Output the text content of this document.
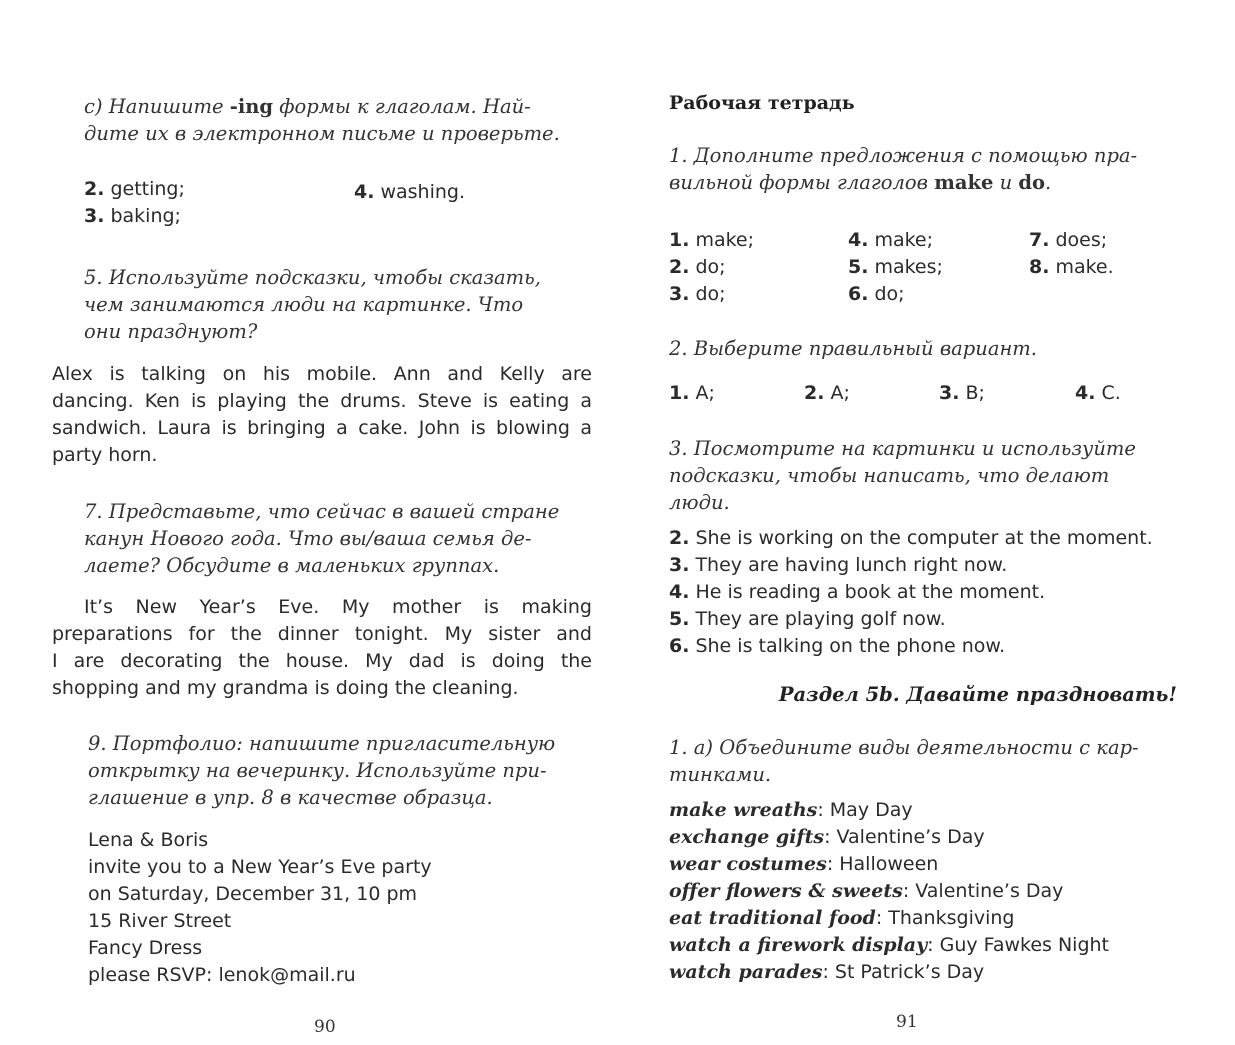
c) Напишите -ing формы к глаголам. Най-
дите их в электронном письме и проверьте.
2. getting;
3. baking;
4. washing.
5. Используйте подсказки, чтобы сказать,
чем занимаются люди на картинке. Что
они празднуют?
Alex is talking on his mobile. Ann and Kelly are
dancing. Ken is playing the drums. Steve is eating a
sandwich. Laura is bringing a cake. John is blowing a
party horn.
7. Представьте, что сейчас в вашей стране
канун Нового года. Что вы/ваша семья де-
лаете? Обсудите в маленьких группах.
It’s New Year’s Eve. My mother is making
preparations for the dinner tonight. My sister and
I are decorating the house. My dad is doing the
shopping and my grandma is doing the cleaning.
9. Портфолио: напишите пригласительную
открытку на вечеринку. Используйте при-
глашение в упр. 8 в качестве образца.
Lena & Boris
invite you to a New Year’s Eve party
on Saturday, December 31, 10 pm
15 River Street
Fancy Dress
please RSVP: lenok@mail.ru
90
Рабочая тетрадь
1. Дополните предложения с помощью пра-
вильной формы глаголов make и do.
1. make;
2. do;
3. do;
4. make;
5. makes;
6. do;
7. does;
8. make.
2. Выберите правильный вариант.
1. A;	2. A;	3. B;	4. C.
3. Посмотрите на картинки и используйте
подсказки, чтобы написать, что делают
люди.
2. She is working on the computer at the moment.
3. They are having lunch right now.
4. He is reading a book at the moment.
5. They are playing golf now.
6. She is talking on the phone now.
Раздел 5b. Давайте праздновать!
1. a) Объедините виды деятельности с кар-
тинками.
make wreaths: May Day
exchange gifts: Valentine’s Day
wear costumes: Halloween
offer flowers & sweets: Valentine’s Day
eat traditional food: Thanksgiving
watch a firework display: Guy Fawkes Night
watch parades: St Patrick’s Day
91
